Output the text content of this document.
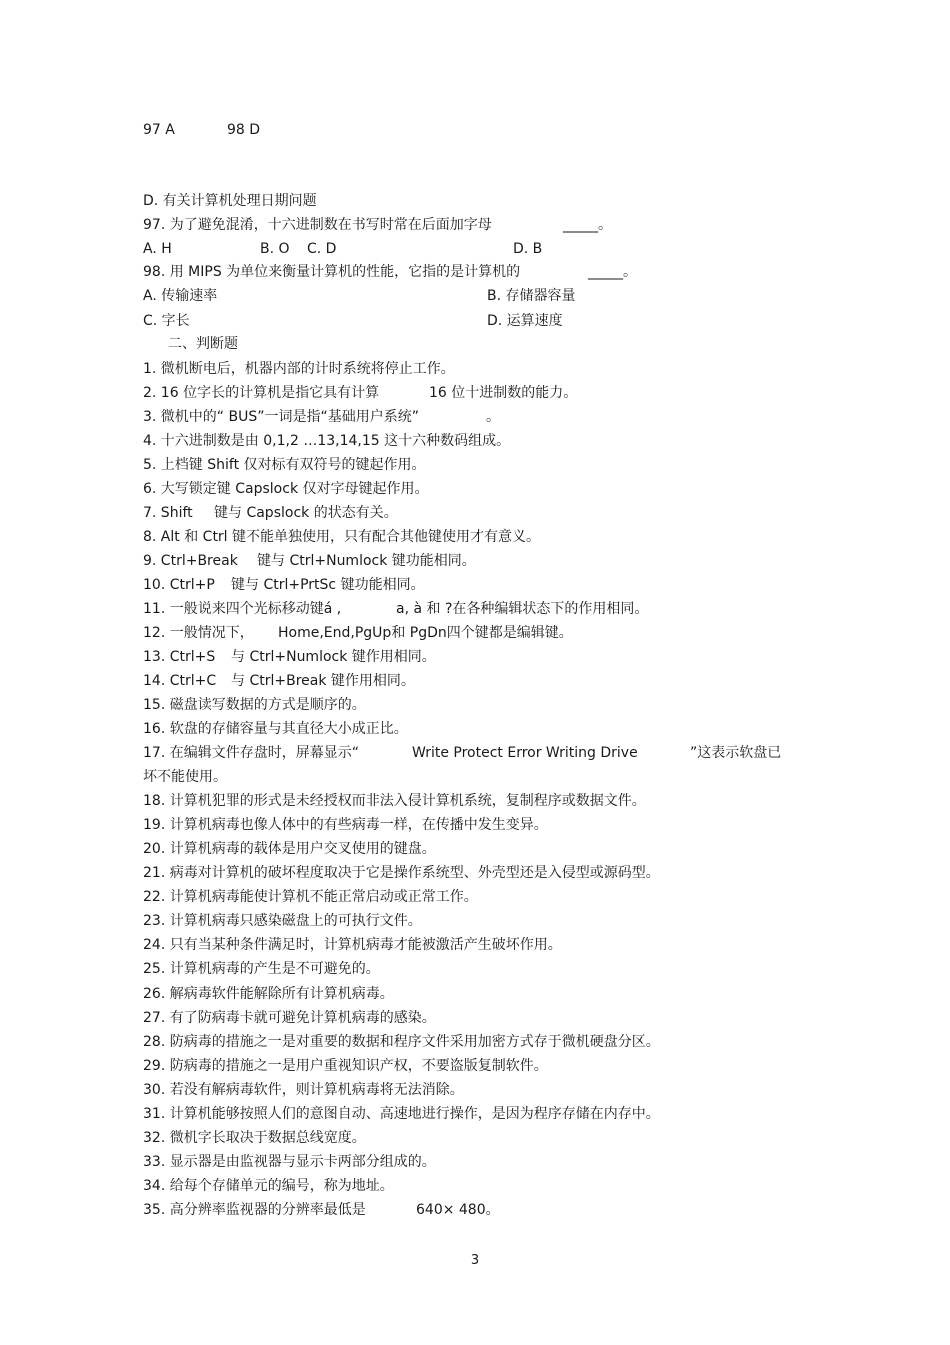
97 A	98 D
D. 有关计算机处理日期问题
97. 为了避免混淆，十六进制数在书写时常在后面加字母	_____。
A. H	B. O C. D	D. B
98. 用 MIPS 为单位来衡量计算机的性能，它指的是计算机的	_____。
A. 传输速率	B. 存储器容量
C. 字长	D. 运算速度
二、判断题
1. 微机断电后，机器内部的计时系统将停止工作。
2. 16 位字长的计算机是指它具有计算	16 位十进制数的能力。
3. 微机中的“ BUS”一词是指“基础用户系统”	。
4. 十六进制数是由 0,1,2 …13,14,15 这十六种数码组成。
5. 上档键 Shift 仅对标有双符号的键起作用。
6. 大写锁定键 Capslock 仅对字母键起作用。
7. Shift 键与 Capslock 的状态有关。
8. Alt 和 Ctrl 键不能单独使用，只有配合其他键使用才有意义。
9. Ctrl+Break 键与 Ctrl+Numlock 键功能相同。
10. Ctrl+P 键与 Ctrl+PrtSc 键功能相同。
11. 一般说来四个光标移动键á ,	a, à 和 ?在各种编辑状态下的作用相同。
12. 一般情况下， Home,End,PgUp和 PgDn四个键都是编辑键。
13. Ctrl+S 与 Ctrl+Numlock 键作用相同。
14. Ctrl+C 与 Ctrl+Break 键作用相同。
15. 磁盘读写数据的方式是顺序的。
16. 软盘的存储容量与其直径大小成正比。
17. 在编辑文件存盘时，屏幕显示“	Write Protect Error Writing Drive	”这表示软盘已
坏不能使用。
18. 计算机犯罪的形式是未经授权而非法入侵计算机系统，复制程序或数据文件。
19. 计算机病毒也像人体中的有些病毒一样，在传播中发生变异。
20. 计算机病毒的载体是用户交叉使用的键盘。
21. 病毒对计算机的破坏程度取决于它是操作系统型、外壳型还是入侵型或源码型。
22. 计算机病毒能使计算机不能正常启动或正常工作。
23. 计算机病毒只感染磁盘上的可执行文件。
24. 只有当某种条件满足时，计算机病毒才能被激活产生破坏作用。
25. 计算机病毒的产生是不可避免的。
26. 解病毒软件能解除所有计算机病毒。
27. 有了防病毒卡就可避免计算机病毒的感染。
28. 防病毒的措施之一是对重要的数据和程序文件采用加密方式存于微机硬盘分区。
29. 防病毒的措施之一是用户重视知识产权，不要盗版复制软件。
30. 若没有解病毒软件，则计算机病毒将无法消除。
31. 计算机能够按照人们的意图自动、高速地进行操作，是因为程序存储在内存中。
32. 微机字长取决于数据总线宽度。
33. 显示器是由监视器与显示卡两部分组成的。
34. 给每个存储单元的编号，称为地址。
35. 高分辨率监视器的分辨率最低是	640× 480。
3
